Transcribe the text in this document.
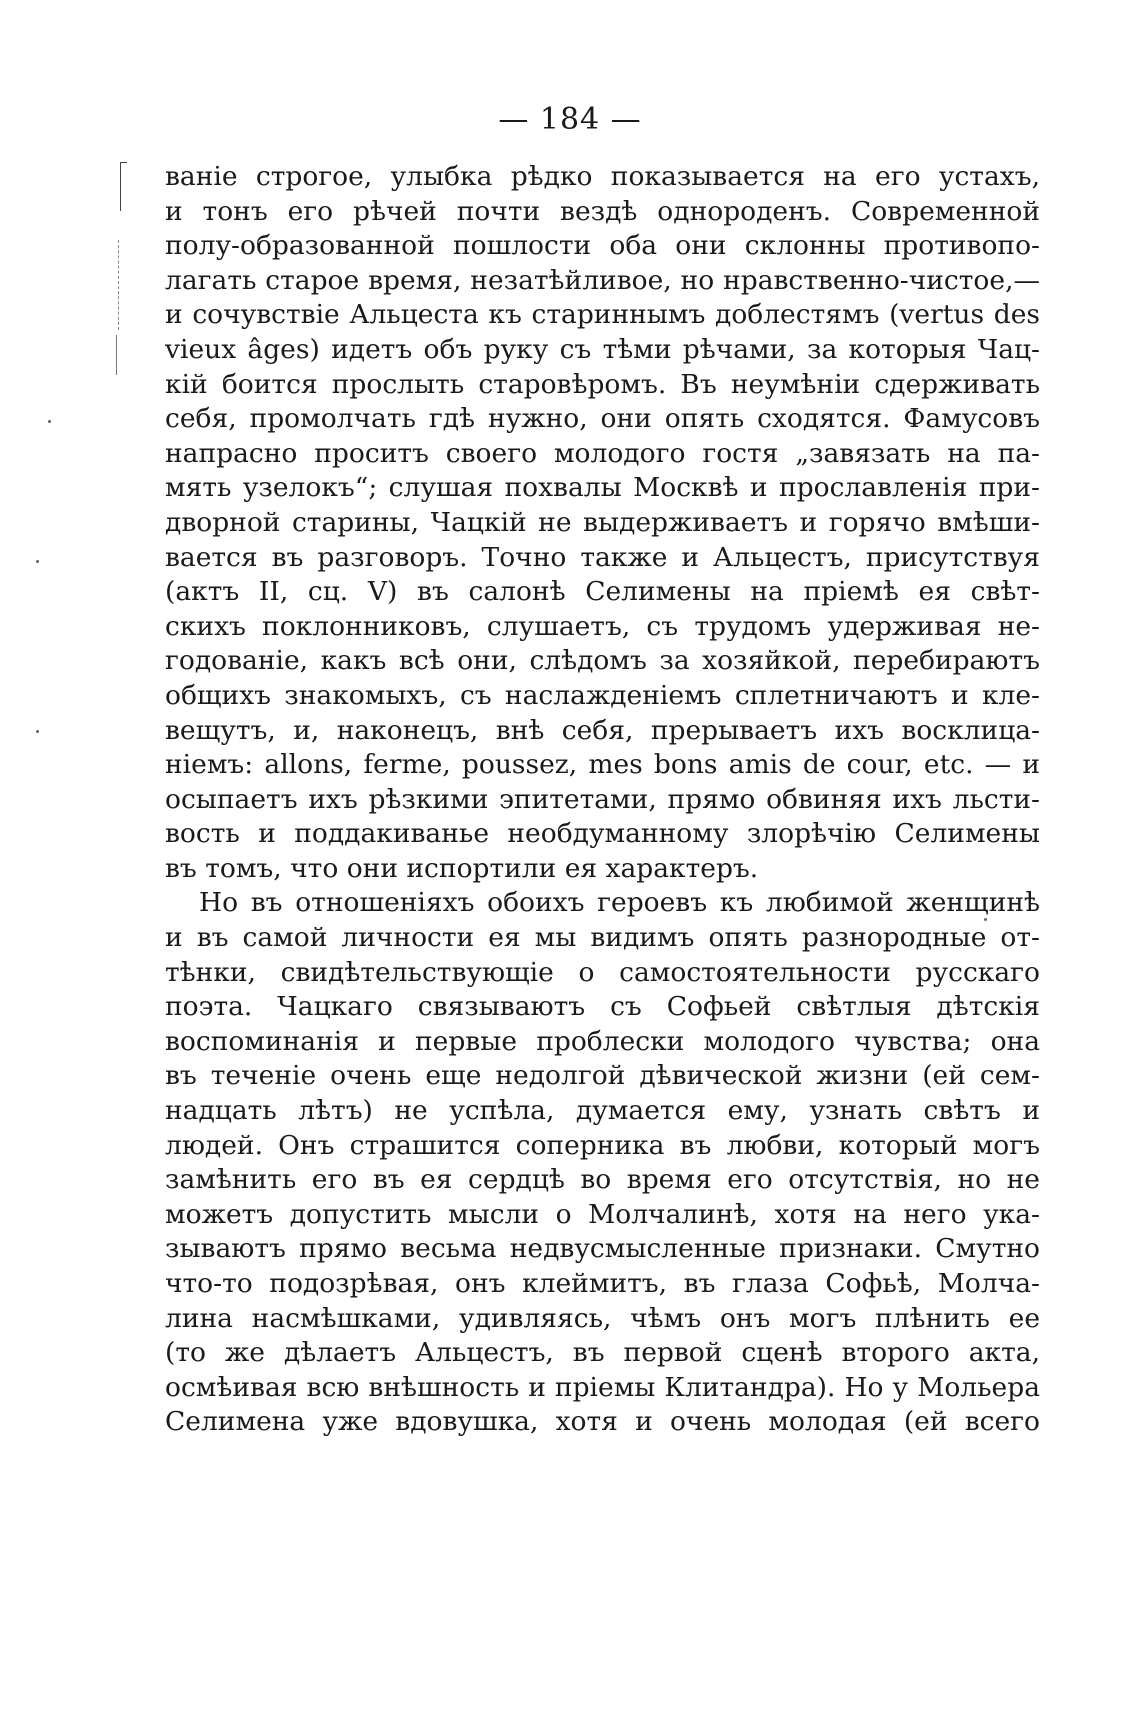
— 184 —
ваніе строгое, улыбка рѣдко показывается на его устахъ,
и тонъ его рѣчей почти вездѣ однороденъ. Современной
полу-образованной пошлости оба они склонны противопо-
лагать старое время, незатѣйливое, но нравственно-чистое,—
и сочувствіе Альцеста къ стариннымъ доблестямъ (vertus des
vieux âges) идетъ объ руку съ тѣми рѣчами, за которыя Чац-
кій боится прослыть старовѣромъ. Въ неумѣніи сдерживать
себя, промолчать гдѣ нужно, они опять сходятся. Фамусовъ
напрасно проситъ своего молодого гостя „завязать на па-
мять узелокъ“; слушая похвалы Москвѣ и прославленія при-
дворной старины, Чацкій не выдерживаетъ и горячо вмѣши-
вается въ разговоръ. Точно также и Альцестъ, присутствуя
(актъ II, сц. V) въ салонѣ Селимены на пріемѣ ея свѣт-
скихъ поклонниковъ, слушаетъ, съ трудомъ удерживая не-
годованіе, какъ всѣ они, слѣдомъ за хозяйкой, перебираютъ
общихъ знакомыхъ, съ наслажденіемъ сплетничаютъ и кле-
вещутъ, и, наконецъ, внѣ себя, прерываетъ ихъ восклица-
ніемъ: allons, ferme, poussez, mes bons amis de cour, etc. — и
осыпаетъ ихъ рѣзкими эпитетами, прямо обвиняя ихъ льсти-
вость и поддакиванье необдуманному злорѣчію Селимены
въ томъ, что они испортили ея характеръ.
Но въ отношеніяхъ обоихъ героевъ къ любимой женщинѣ
и въ самой личности ея мы видимъ опять разнородные от-
тѣнки, свидѣтельствующіе о самостоятельности русскаго
поэта. Чацкаго связываютъ съ Софьей свѣтлыя дѣтскія
воспоминанія и первые проблески молодого чувства; она
въ теченіе очень еще недолгой дѣвической жизни (ей сем-
надцать лѣтъ) не успѣла, думается ему, узнать свѣтъ и
людей. Онъ страшится соперника въ любви, который могъ
замѣнить его въ ея сердцѣ во время его отсутствія, но не
можетъ допустить мысли о Молчалинѣ, хотя на него ука-
зываютъ прямо весьма недвусмысленные признаки. Смутно
что-то подозрѣвая, онъ клеймитъ, въ глаза Софьѣ, Молча-
лина насмѣшками, удивляясь, чѣмъ онъ могъ плѣнить ее
(то же дѣлаетъ Альцестъ, въ первой сценѣ второго акта,
осмѣивая всю внѣшность и пріемы Клитандра). Но у Мольера
Селимена уже вдовушка, хотя и очень молодая (ей всего
